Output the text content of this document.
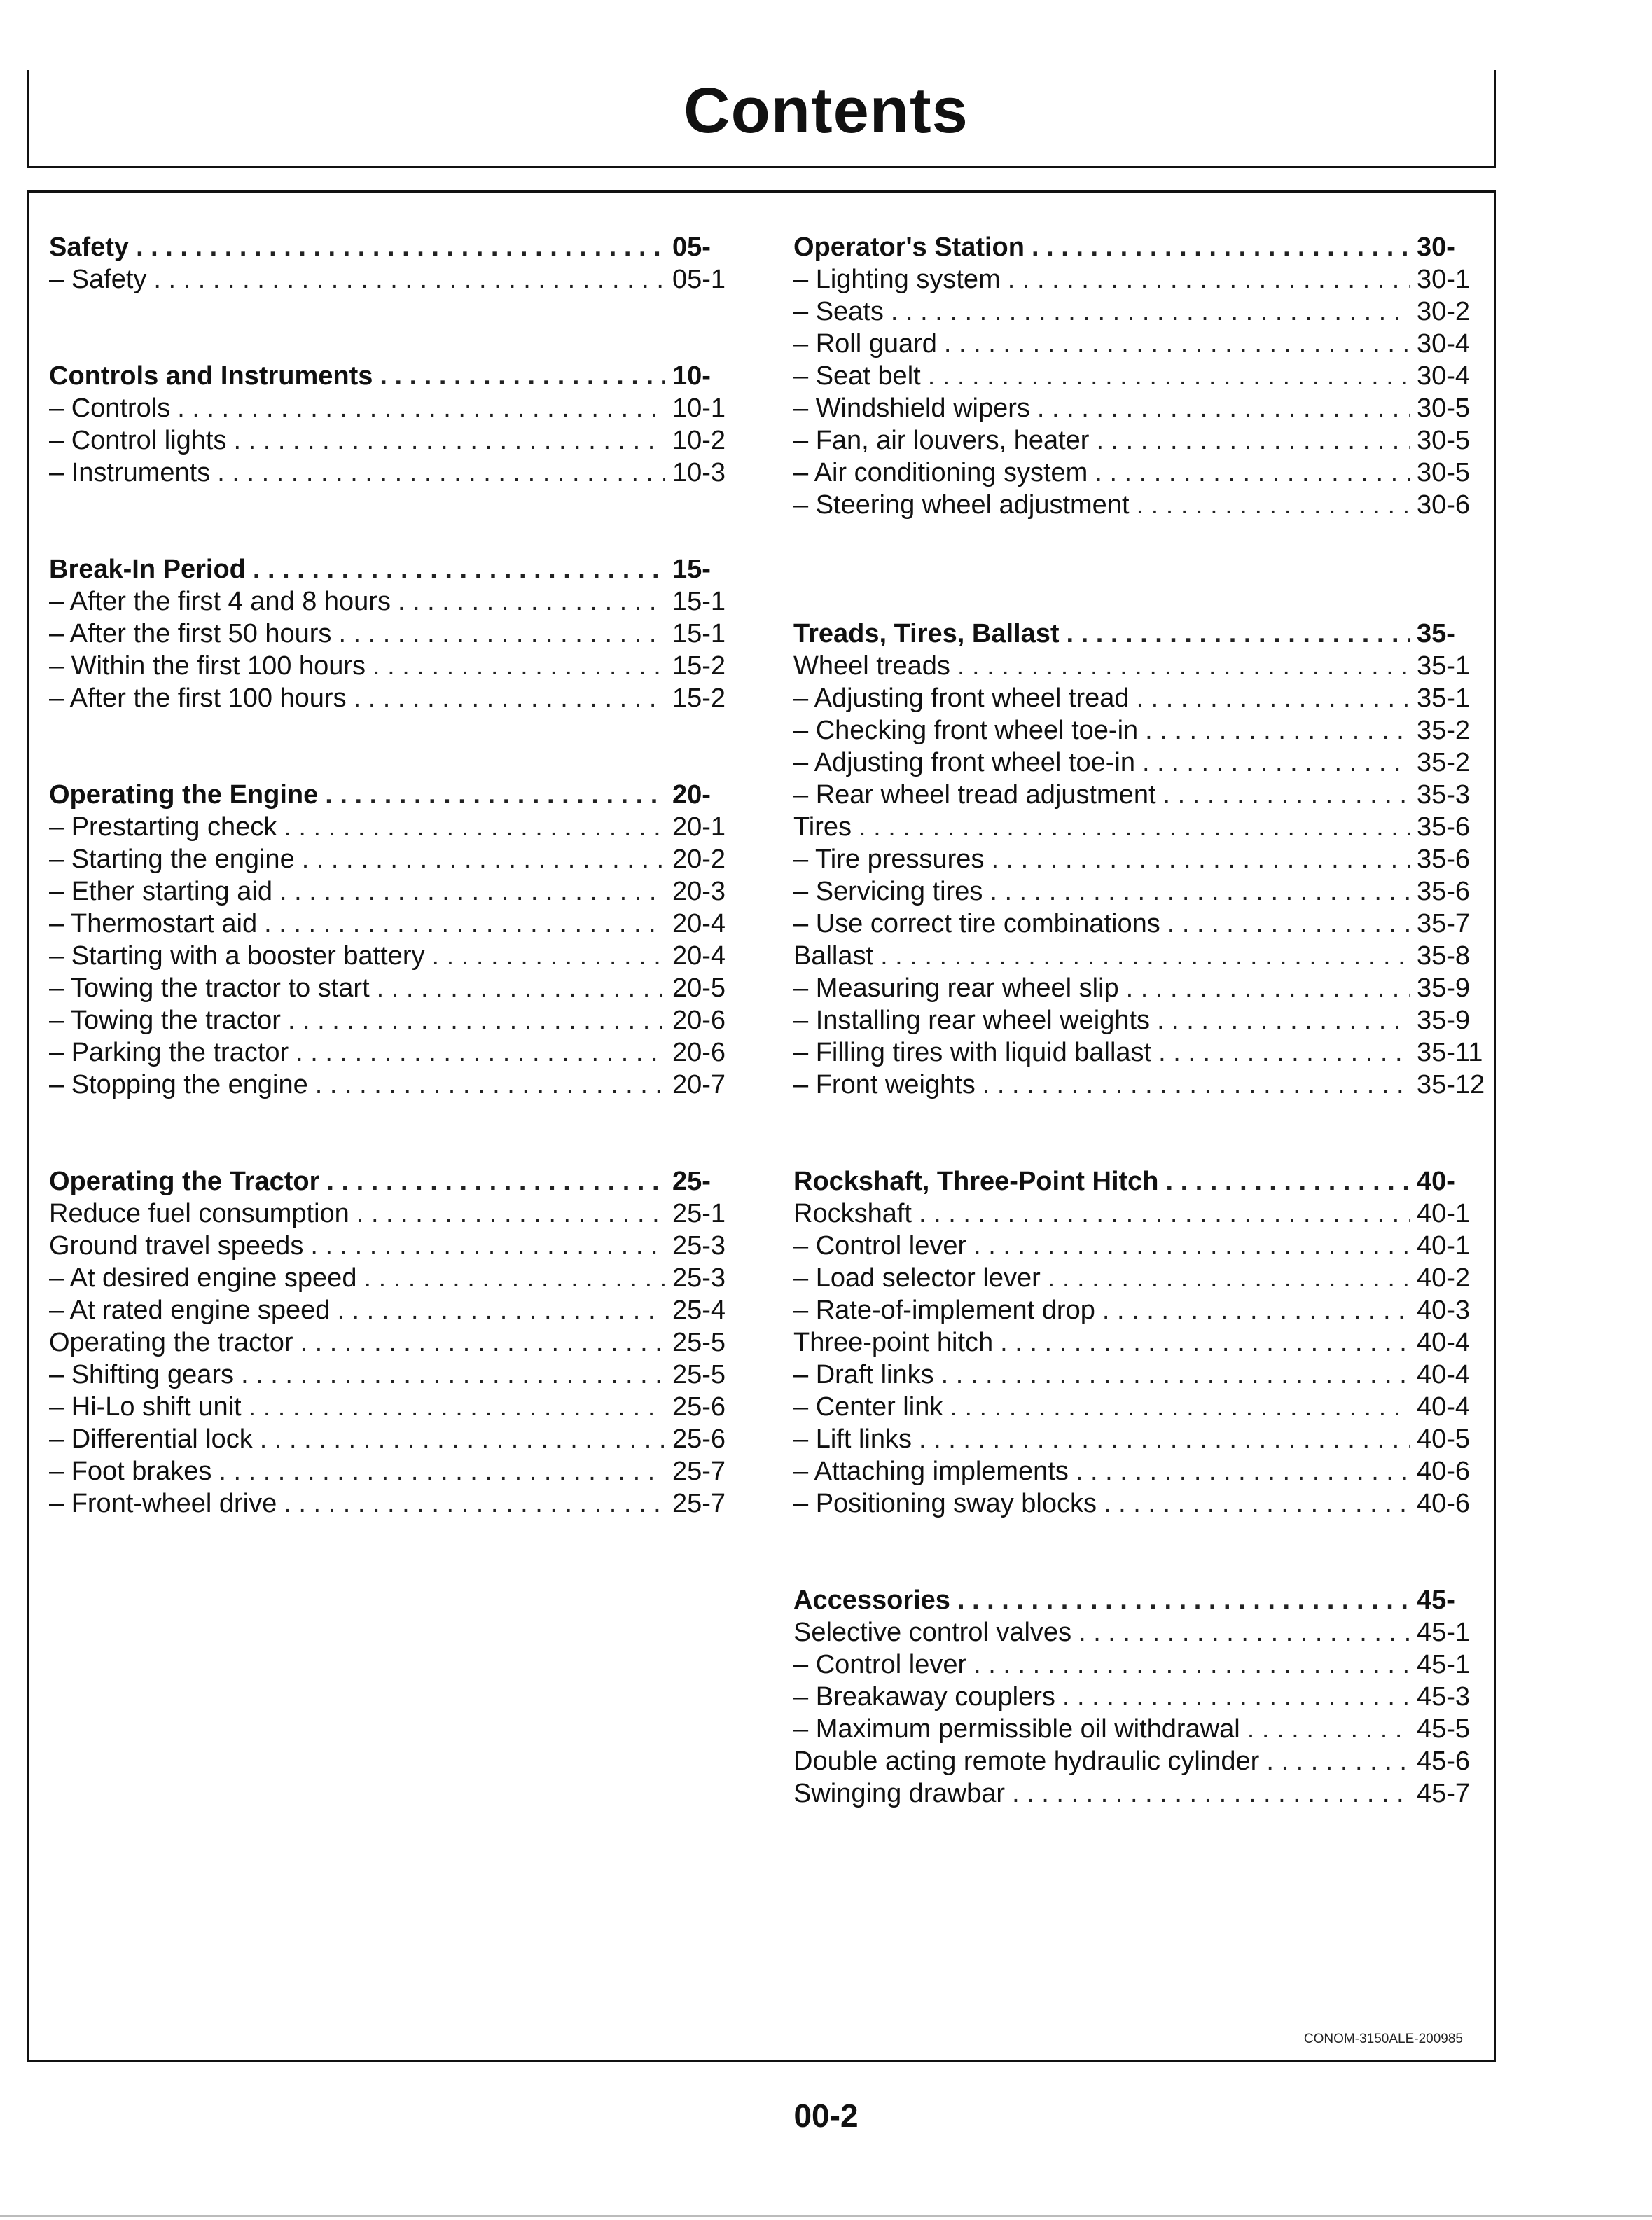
Contents
Safety . . .	05-
– Safety . . .	05-1
Controls and Instruments . . .	10-
– Controls . . .	10-1
– Control lights . . .	10-2
– Instruments . . .	10-3
Break-In Period . . .	15-
– After the first 4 and 8 hours . . .	15-1
– After the first 50 hours . . .	15-1
– Within the first 100 hours . . .	15-2
– After the first 100 hours . . .	15-2
Operating the Engine . . .	20-
– Prestarting check . . .	20-1
– Starting the engine . . .	20-2
– Ether starting aid . . .	20-3
– Thermostart aid . . .	20-4
– Starting with a booster battery . . .	20-4
– Towing the tractor to start . . .	20-5
– Towing the tractor . . .	20-6
– Parking the tractor . . .	20-6
– Stopping the engine . . .	20-7
Operating the Tractor . . .	25-
Reduce fuel consumption . . .	25-1
Ground travel speeds . . .	25-3
– At desired engine speed . . .	25-3
– At rated engine speed . . .	25-4
Operating the tractor . . .	25-5
– Shifting gears . . .	25-5
– Hi-Lo shift unit . . .	25-6
– Differential lock . . .	25-6
– Foot brakes . . .	25-7
– Front-wheel drive . . .	25-7
Operator's Station . . .	30-
– Lighting system . . .	30-1
– Seats . . .	30-2
– Roll guard . . .	30-4
– Seat belt . . .	30-4
– Windshield wipers . . .	30-5
– Fan, air louvers, heater . . .	30-5
– Air conditioning system . . .	30-5
– Steering wheel adjustment . . .	30-6
Treads, Tires, Ballast . . .	35-
Wheel treads . . .	35-1
– Adjusting front wheel tread . . .	35-1
– Checking front wheel toe-in . . .	35-2
– Adjusting front wheel toe-in . . .	35-2
– Rear wheel tread adjustment . . .	35-3
Tires . . .	35-6
– Tire pressures . . .	35-6
– Servicing tires . . .	35-6
– Use correct tire combinations . . .	35-7
Ballast . . .	35-8
– Measuring rear wheel slip . . .	35-9
– Installing rear wheel weights . . .	35-9
– Filling tires with liquid ballast . . .	35-11
– Front weights . . .	35-12
Rockshaft, Three-Point Hitch . . .	40-
Rockshaft . . .	40-1
– Control lever . . .	40-1
– Load selector lever . . .	40-2
– Rate-of-implement drop . . .	40-3
Three-point hitch . . .	40-4
– Draft links . . .	40-4
– Center link . . .	40-4
– Lift links . . .	40-5
– Attaching implements . . .	40-6
– Positioning sway blocks . . .	40-6
Accessories . . .	45-
Selective control valves . . .	45-1
– Control lever . . .	45-1
– Breakaway couplers . . .	45-3
– Maximum permissible oil withdrawal . . .	45-5
Double acting remote hydraulic cylinder . . .	45-6
Swinging drawbar . . .	45-7
CONOM-3150ALE-200985
00-2
